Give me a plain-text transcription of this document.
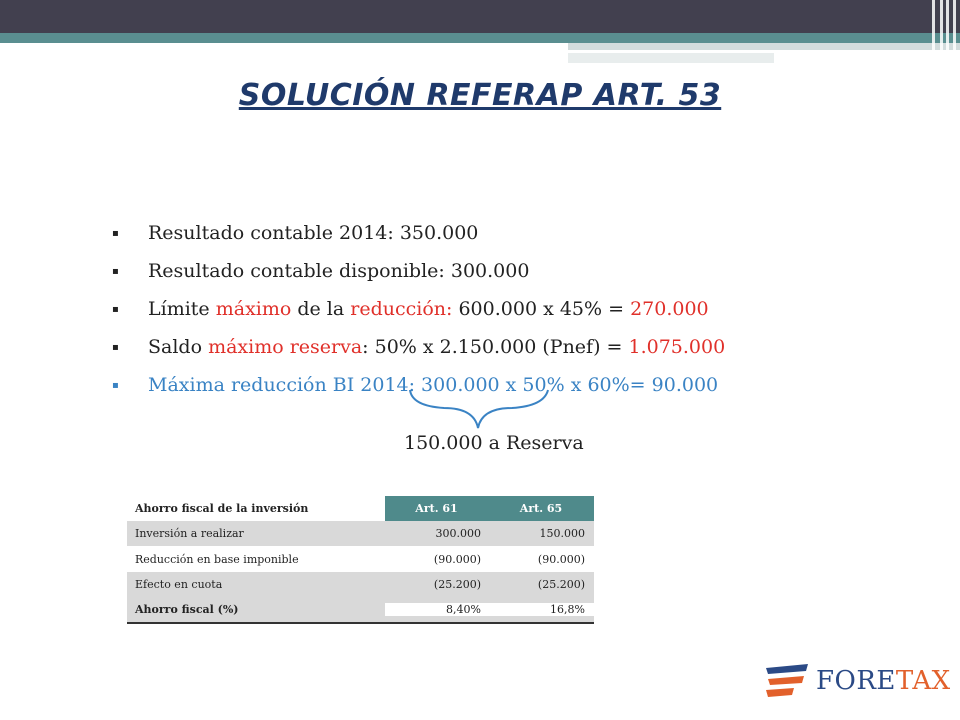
SOLUCIÓN REFERAP ART. 53
▪	Resultado contable 2014: 350.000
▪	Resultado contable disponible: 300.000
▪	Límite máximo de la reducción: 600.000 x 45% = 270.000
▪	Saldo máximo reserva: 50% x 2.150.000 (Pnef) = 1.075.000
▪	Máxima reducción BI 2014: 300.000 x 50% x 60%= 90.000
150.000 a Reserva
Ahorro fiscal de la inversión	Art. 61	Art. 65
Inversión a realizar	300.000	150.000
Reducción en base imponible	(90.000)	(90.000)
Efecto en cuota	(25.200)	(25.200)
Ahorro fiscal (%)	8,40%	16,8%
FORETAX
